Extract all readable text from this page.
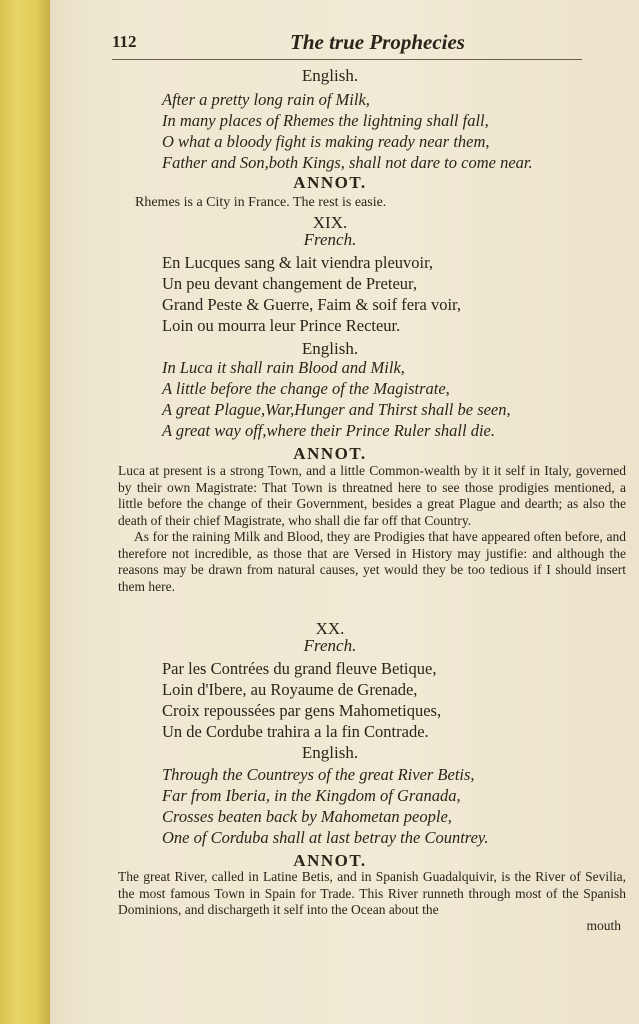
112	The true Prophecies
English.
After a pretty long rain of Milk,
In many places of Rhemes the lightning shall fall,
O what a bloody fight is making ready near them,
Father and Son,both Kings, shall not dare to come near.
ANNOT.
Rhemes is a City in France. The rest is easie.
XIX.
French.
En Lucques sang & lait viendra pleuvoir,
Un peu devant changement de Preteur,
Grand Peste & Guerre, Faim & soif fera voir,
Loin ou mourra leur Prince Recteur.
English.
In Luca it shall rain Blood and Milk,
A little before the change of the Magistrate,
A great Plague,War,Hunger and Thirst shall be seen,
A great way off,where their Prince Ruler shall die.
ANNOT.

Luca at present is a strong Town, and a little Common-wealth by it it self in Italy, governed by their own Magistrate: That Town is threatned here to see those prodigies mentioned, a little before the change of their Government, besides a great Plague and dearth; as also the death of their chief Magistrate, who shall die far off that Country.

As for the raining Milk and Blood, they are Prodigies that have appeared often before, and therefore not incredible, as those that are Versed in History may justifie: and although the reasons may be drawn from natural causes, yet would they be too tedious if I should insert them here.

XX.
French.
Par les Contrées du grand fleuve Betique,
Loin d'Ibere, au Royaume de Grenade,
Croix repoussées par gens Mahometiques,
Un de Cordube trahira a la fin Contrade.
English.
Through the Countreys of the great River Betis,
Far from Iberia, in the Kingdom of Granada,
Crosses beaten back by Mahometan people,
One of Corduba shall at last betray the Countrey.
ANNOT.

The great River, called in Latine Betis, and in Spanish Guadalquivir, is the River of Sevilia, the most famous Town in Spain for Trade. This River runneth through most of the Spanish Dominions, and dischargeth it self into the Ocean about the

mouth
